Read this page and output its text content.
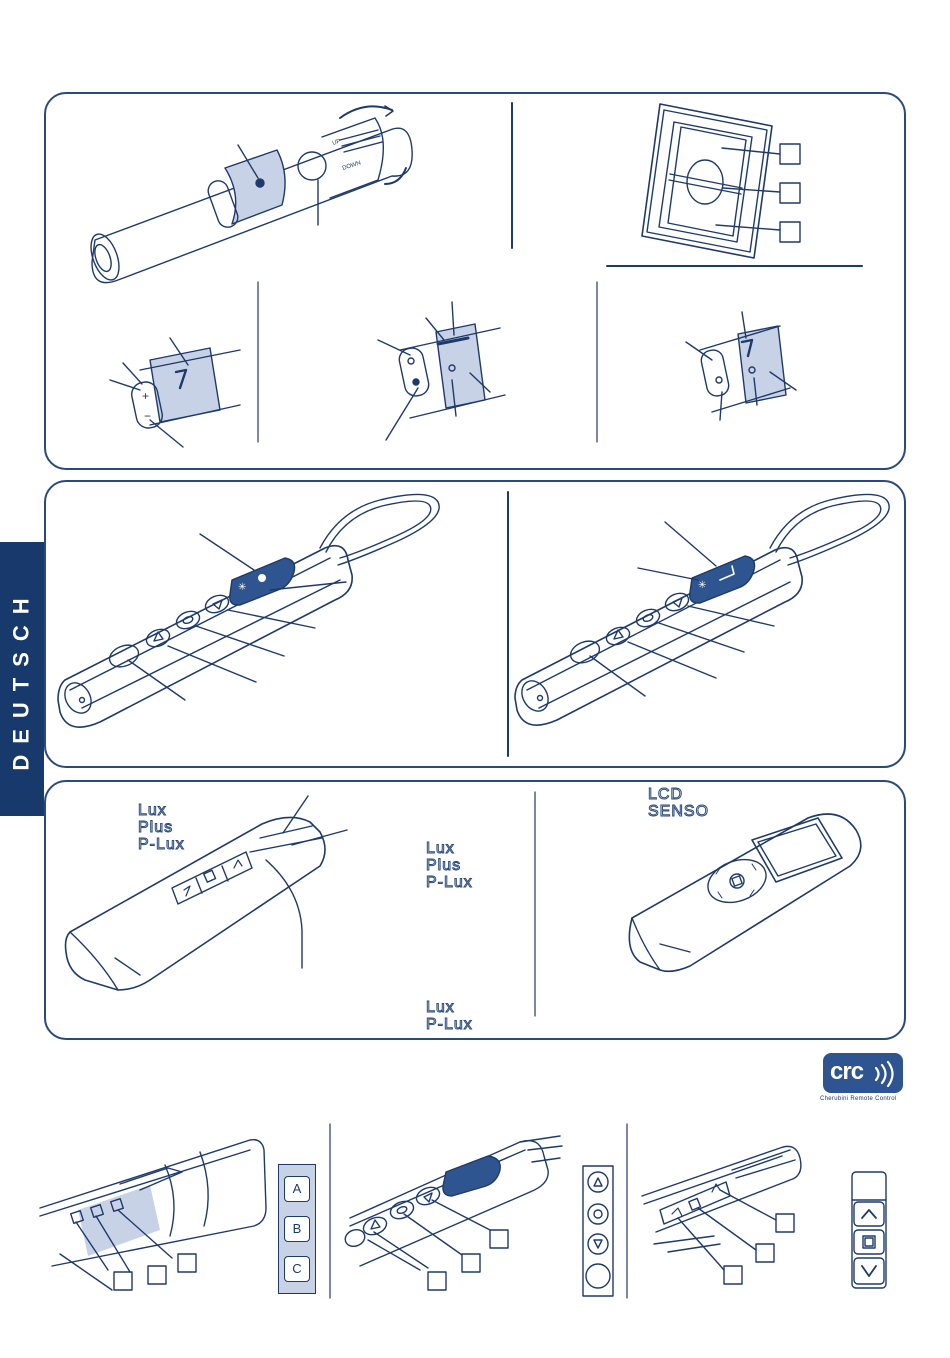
DEUTSCH
+
−
✳	✳
UP
DOWN
A
B
C
Lux
Plus
P-Lux	Lux
Plus
P-Lux
Lux
P-Lux
LCD
SENSO
crc
Cherubini Remote Control
